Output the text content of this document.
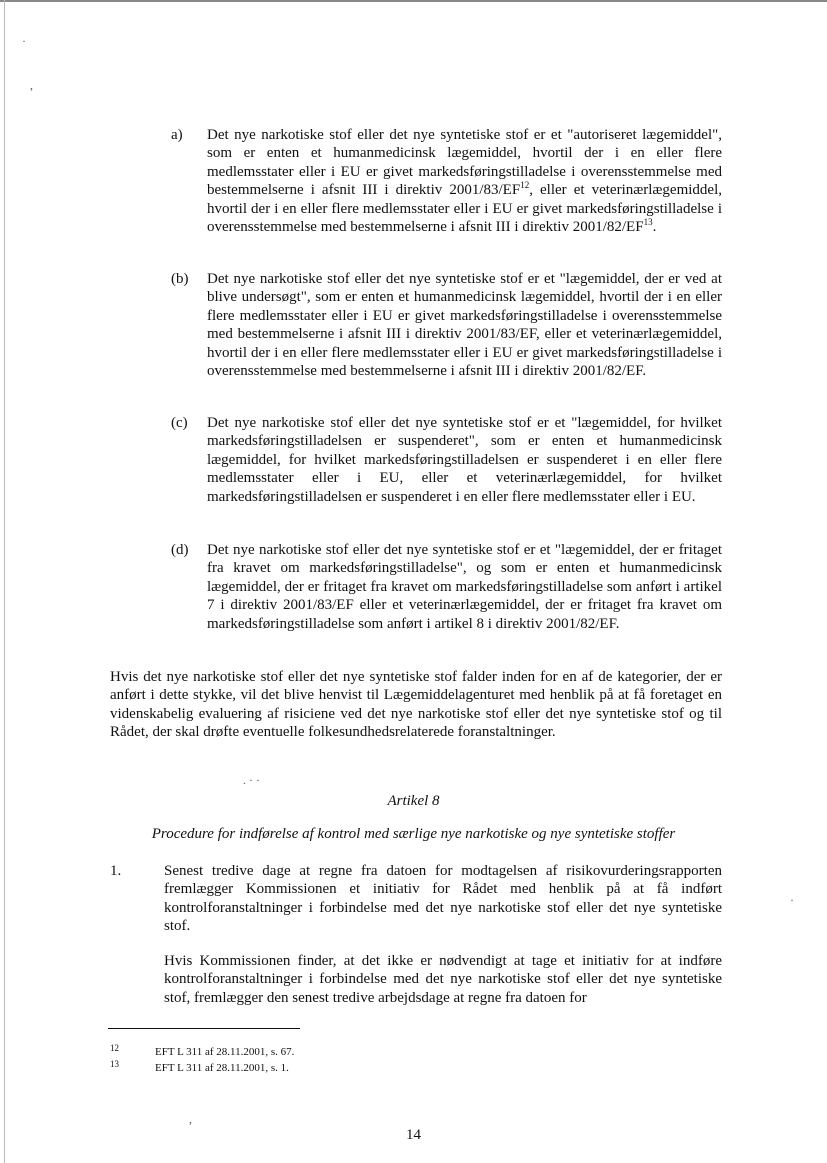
·
,
a) Det nye narkotiske stof eller det nye syntetiske stof er et "autoriseret lægemiddel", som er enten et humanmedicinsk lægemiddel, hvortil der i en eller flere medlemsstater eller i EU er givet markedsføringstilladelse i overensstemmelse med bestemmelserne i afsnit III i direktiv 2001/83/EF$^{12}$, eller et veterinærlægemiddel, hvortil der i en eller flere medlemsstater eller i EU er givet markedsføringstilladelse i overensstemmelse med bestemmelserne i afsnit III i direktiv 2001/82/EF$^{13}$.
(b) Det nye narkotiske stof eller det nye syntetiske stof er et "lægemiddel, der er ved at blive undersøgt", som er enten et humanmedicinsk lægemiddel, hvortil der i en eller flere medlemsstater eller i EU er givet markedsføringstilladelse i overensstemmelse med bestemmelserne i afsnit III i direktiv 2001/83/EF, eller et veterinærlægemiddel, hvortil der i en eller flere medlemsstater eller i EU er givet markedsføringstilladelse i overensstemmelse med bestemmelserne i afsnit III i direktiv 2001/82/EF.
(c) Det nye narkotiske stof eller det nye syntetiske stof er et "lægemiddel, for hvilket markedsføringstilladelsen er suspenderet", som er enten et humanmedicinsk lægemiddel, for hvilket markedsføringstilladelsen er suspenderet i en eller flere medlemsstater eller i EU, eller et veterinærlægemiddel, for hvilket markedsføringstilladelsen er suspenderet i en eller flere medlemsstater eller i EU.
(d) Det nye narkotiske stof eller det nye syntetiske stof er et "lægemiddel, der er fritaget fra kravet om markedsføringstilladelse", og som er enten et humanmedicinsk lægemiddel, der er fritaget fra kravet om markedsføringstilladelse som anført i artikel 7 i direktiv 2001/83/EF eller et veterinærlægemiddel, der er fritaget fra kravet om markedsføringstilladelse som anført i artikel 8 i direktiv 2001/82/EF.
Hvis det nye narkotiske stof eller det nye syntetiske stof falder inden for en af de kategorier, der er anført i dette stykke, vil det blive henvist til Lægemiddelagenturet med henblik på at få foretaget en videnskabelig evaluering af risiciene ved det nye narkotiske stof eller det nye syntetiske stof og til Rådet, der skal drøfte eventuelle folkesundhedsrelaterede foranstaltninger.
. · ·
Artikel 8
Procedure for indførelse af kontrol med særlige nye narkotiske og nye syntetiske stoffer
1.	Senest tredive dage at regne fra datoen for modtagelsen af risikovurderingsrapporten fremlægger Kommissionen et initiativ for Rådet med henblik på at få indført kontrolforanstaltninger i forbindelse med det nye narkotiske stof eller det nye syntetiske stof.
Hvis Kommissionen finder, at det ikke er nødvendigt at tage et initiativ for at indføre kontrolforanstaltninger i forbindelse med det nye narkotiske stof eller det nye syntetiske stof, fremlægger den senest tredive arbejdsdage at regne fra datoen for
·
12	EFT L 311 af 28.11.2001, s. 67.
13	EFT L 311 af 28.11.2001, s. 1.
,
14
